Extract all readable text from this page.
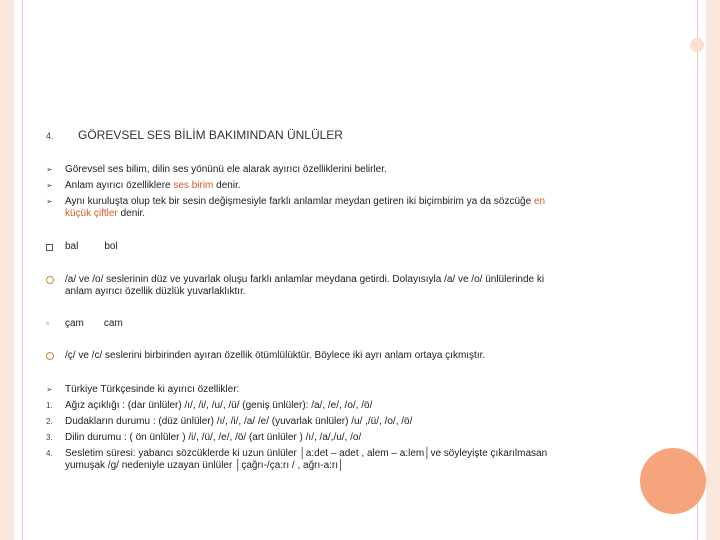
4. GÖREVSEL SES BİLİM BAKIMINDAN ÜNLÜLER
➢	Görevsel ses bilim, dilin ses yönünü ele alarak ayırıcı özelliklerini belirler.
➢	Anlam ayırıcı özelliklere ses birim denir.
➢	Aynı kuruluşta olup tek bir sesin değişmesiyle farklı anlamlar meydan getiren iki biçimbirim ya da sözcüğe en
küçük çiftler denir.
bal	bol
/a/ ve /o/ seslerinin düz ve yuvarlak oluşu farklı anlamlar meydana getirdi. Dolayısıyla /a/ ve /o/ ünlülerinde ki
anlam ayırıcı özellik düzlük yuvarlaklıktır.
▫	çam cam
/ç/ ve /c/ seslerini birbirinden ayıran özellik ötümlülüktür. Böylece iki ayrı anlam ortaya çıkmıştır.
➢	Türkiye Türkçesinde ki ayırıcı özellikler:
1.	Ağız açıklığı : (dar ünlüler) /ı/, /i/, /u/, /ü/ (geniş ünlüler): /a/, /e/, /o/, /ö/
2.	Dudakların durumu : (düz ünlüler) /ı/, /i/, /a/ /e/ (yuvarlak ünlüler) /u/ ,/ü/, /o/, /ö/
3.	Dilin durumu : ( ön ünlüler ) /i/, /ü/, /e/, /ö/ (art ünlüler ) /ı/, /a/,/u/, /o/
4.	Sesletim süresi: yabancı sözcüklerde ki uzun ünlüler │a:det – adet , alem – a:lem│ve söyleyişte çıkarılmasan
yumuşak /g/ nedeniyle uzayan ünlüler │çağrı-/ça:rı / , ağrı-a:rı│
